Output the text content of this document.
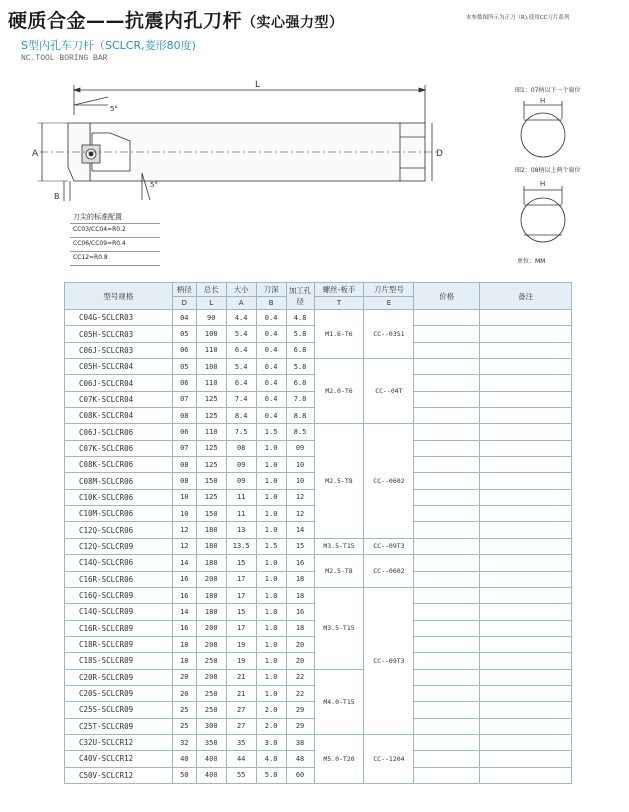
硬质合金——抗震内孔刀杆（实心强力型）	本参数图所示为正刀（R),使用CC刀片系列
S型内孔车刀杆（SCLCR,菱形80度)
NC.TOOL BORING BAR
L
A	D
B
5°
5°
图1：07柄以下一个扁位
H
图2：08柄以上两个扁位
H
单位：MM
刀尖的标准配置
CC03/CC04=R0.2
CC06/CC09=R0.4
CC12=R0.8
型号规格	柄径	总长	大小	刀深	加工孔径	螺丝-板手	刀片型号	价格	备注
	D	L	A	B		T	E		
C04G-SCLCR03	04	90	4.4	0.4	4.8	M1.6-T6	CC--03S1		
C05H-SCLCR03	05	100	5.4	0.4	5.8				
C06J-SCLCR03	06	110	6.4	0.4	6.8				
C05H-SCLCR04	05	100	5.4	0.4	5.8	M2.0-T6	CC--04T		
C06J-SCLCR04	06	110	6.4	0.4	6.8				
C07K-SCLCR04	07	125	7.4	0.4	7.8				
C08K-SCLCR04	08	125	8.4	0.4	8.8				
C06J-SCLCR06	06	110	7.5	1.5	8.5	M2.5-T8	CC--0602		
C07K-SCLCR06	07	125	08	1.0	09				
C08K-SCLCR06	08	125	09	1.0	10				
C08M-SCLCR06	08	150	09	1.0	10				
C10K-SCLCR06	10	125	11	1.0	12				
C10M-SCLCR06	10	150	11	1.0	12				
C12Q-SCLCR06	12	180	13	1.0	14				
C12Q-SCLCR09	12	180	13.5	1.5	15	M3.5-T15	CC--09T3		
C14Q-SCLCR06	14	180	15	1.0	16	M2.5-T8	CC--0602		
C16R-SCLCR06	16	200	17	1.0	18				
C16Q-SCLCR09	16	180	17	1.0	18	M3.5-T15	CC--09T3		
C14Q-SCLCR09	14	180	15	1.0	16				
C16R-SCLCR09	16	200	17	1.0	18				
C18R-SCLCR09	18	200	19	1.0	20				
C18S-SCLCR09	18	250	19	1.0	20				
C20R-SCLCR09	20	200	21	1.0	22	M4.0-T15			
C20S-SCLCR09	20	250	21	1.0	22				
C25S-SCLCR09	25	250	27	2.0	29				
C25T-SCLCR09	25	300	27	2.0	29				
C32U-SCLCR12	32	350	35	3.0	38	M5.0-T20	CC--1204		
C40V-SCLCR12	40	400	44	4.0	48				
C50V-SCLCR12	50	400	55	5.0	60				
